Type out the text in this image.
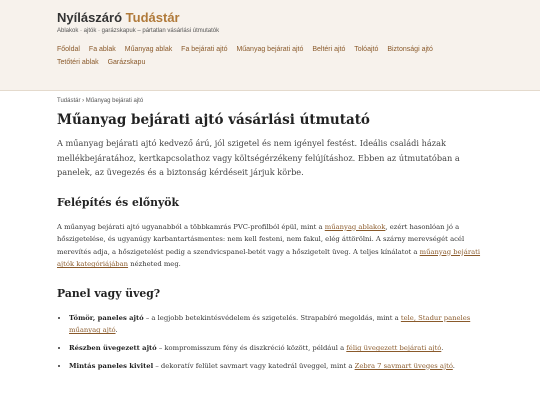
Nyílászáró Tudástár
Ablakok · ajtók · garázskapuk – pártatlan vásárlási útmutatók
Főoldal Fa ablak Műanyag ablak Fa bejárati ajtó Műanyag bejárati ajtó Beltéri ajtó Tolóajtó Biztonsági ajtó Tetőtéri ablak Garázskapu
Tudástár › Műanyag bejárati ajtó
Műanyag bejárati ajtó vásárlási útmutató

A műanyag bejárati ajtó kedvező árú, jól szigetel és nem igényel festést. Ideális családi házak mellékbejáratához, kertkapcsolathoz vagy költségérzékeny felújításhoz. Ebben az útmutatóban a panelek, az üvegezés és a biztonság kérdéseit járjuk körbe.

Felépítés és előnyök

A műanyag bejárati ajtó ugyanabból a többkamrás PVC-profilból épül, mint a műanyag ablakok, ezért hasonlóan jó a hőszigetelése, és ugyanúgy karbantartásmentes: nem kell festeni, nem fakul, elég áttörölni. A szárny merevségét acél merevítés adja, a hőszigetelést pedig a szendvicspanel-betét vagy a hőszigetelt üveg. A teljes kínálatot a műanyag bejárati ajtók kategóriájában nézheted meg.

Panel vagy üveg?
• Tömör, paneles ajtó – a legjobb betekintésvédelem és szigetelés. Strapabíró megoldás, mint a tele, Stadur paneles műanyag ajtó.
• Részben üvegezett ajtó – kompromisszum fény és diszkréció között, például a félig üvegezett bejárati ajtó.
• Mintás paneles kivitel – dekoratív felület savmart vagy katedrál üveggel, mint a Zebra 7 savmart üveges ajtó.
